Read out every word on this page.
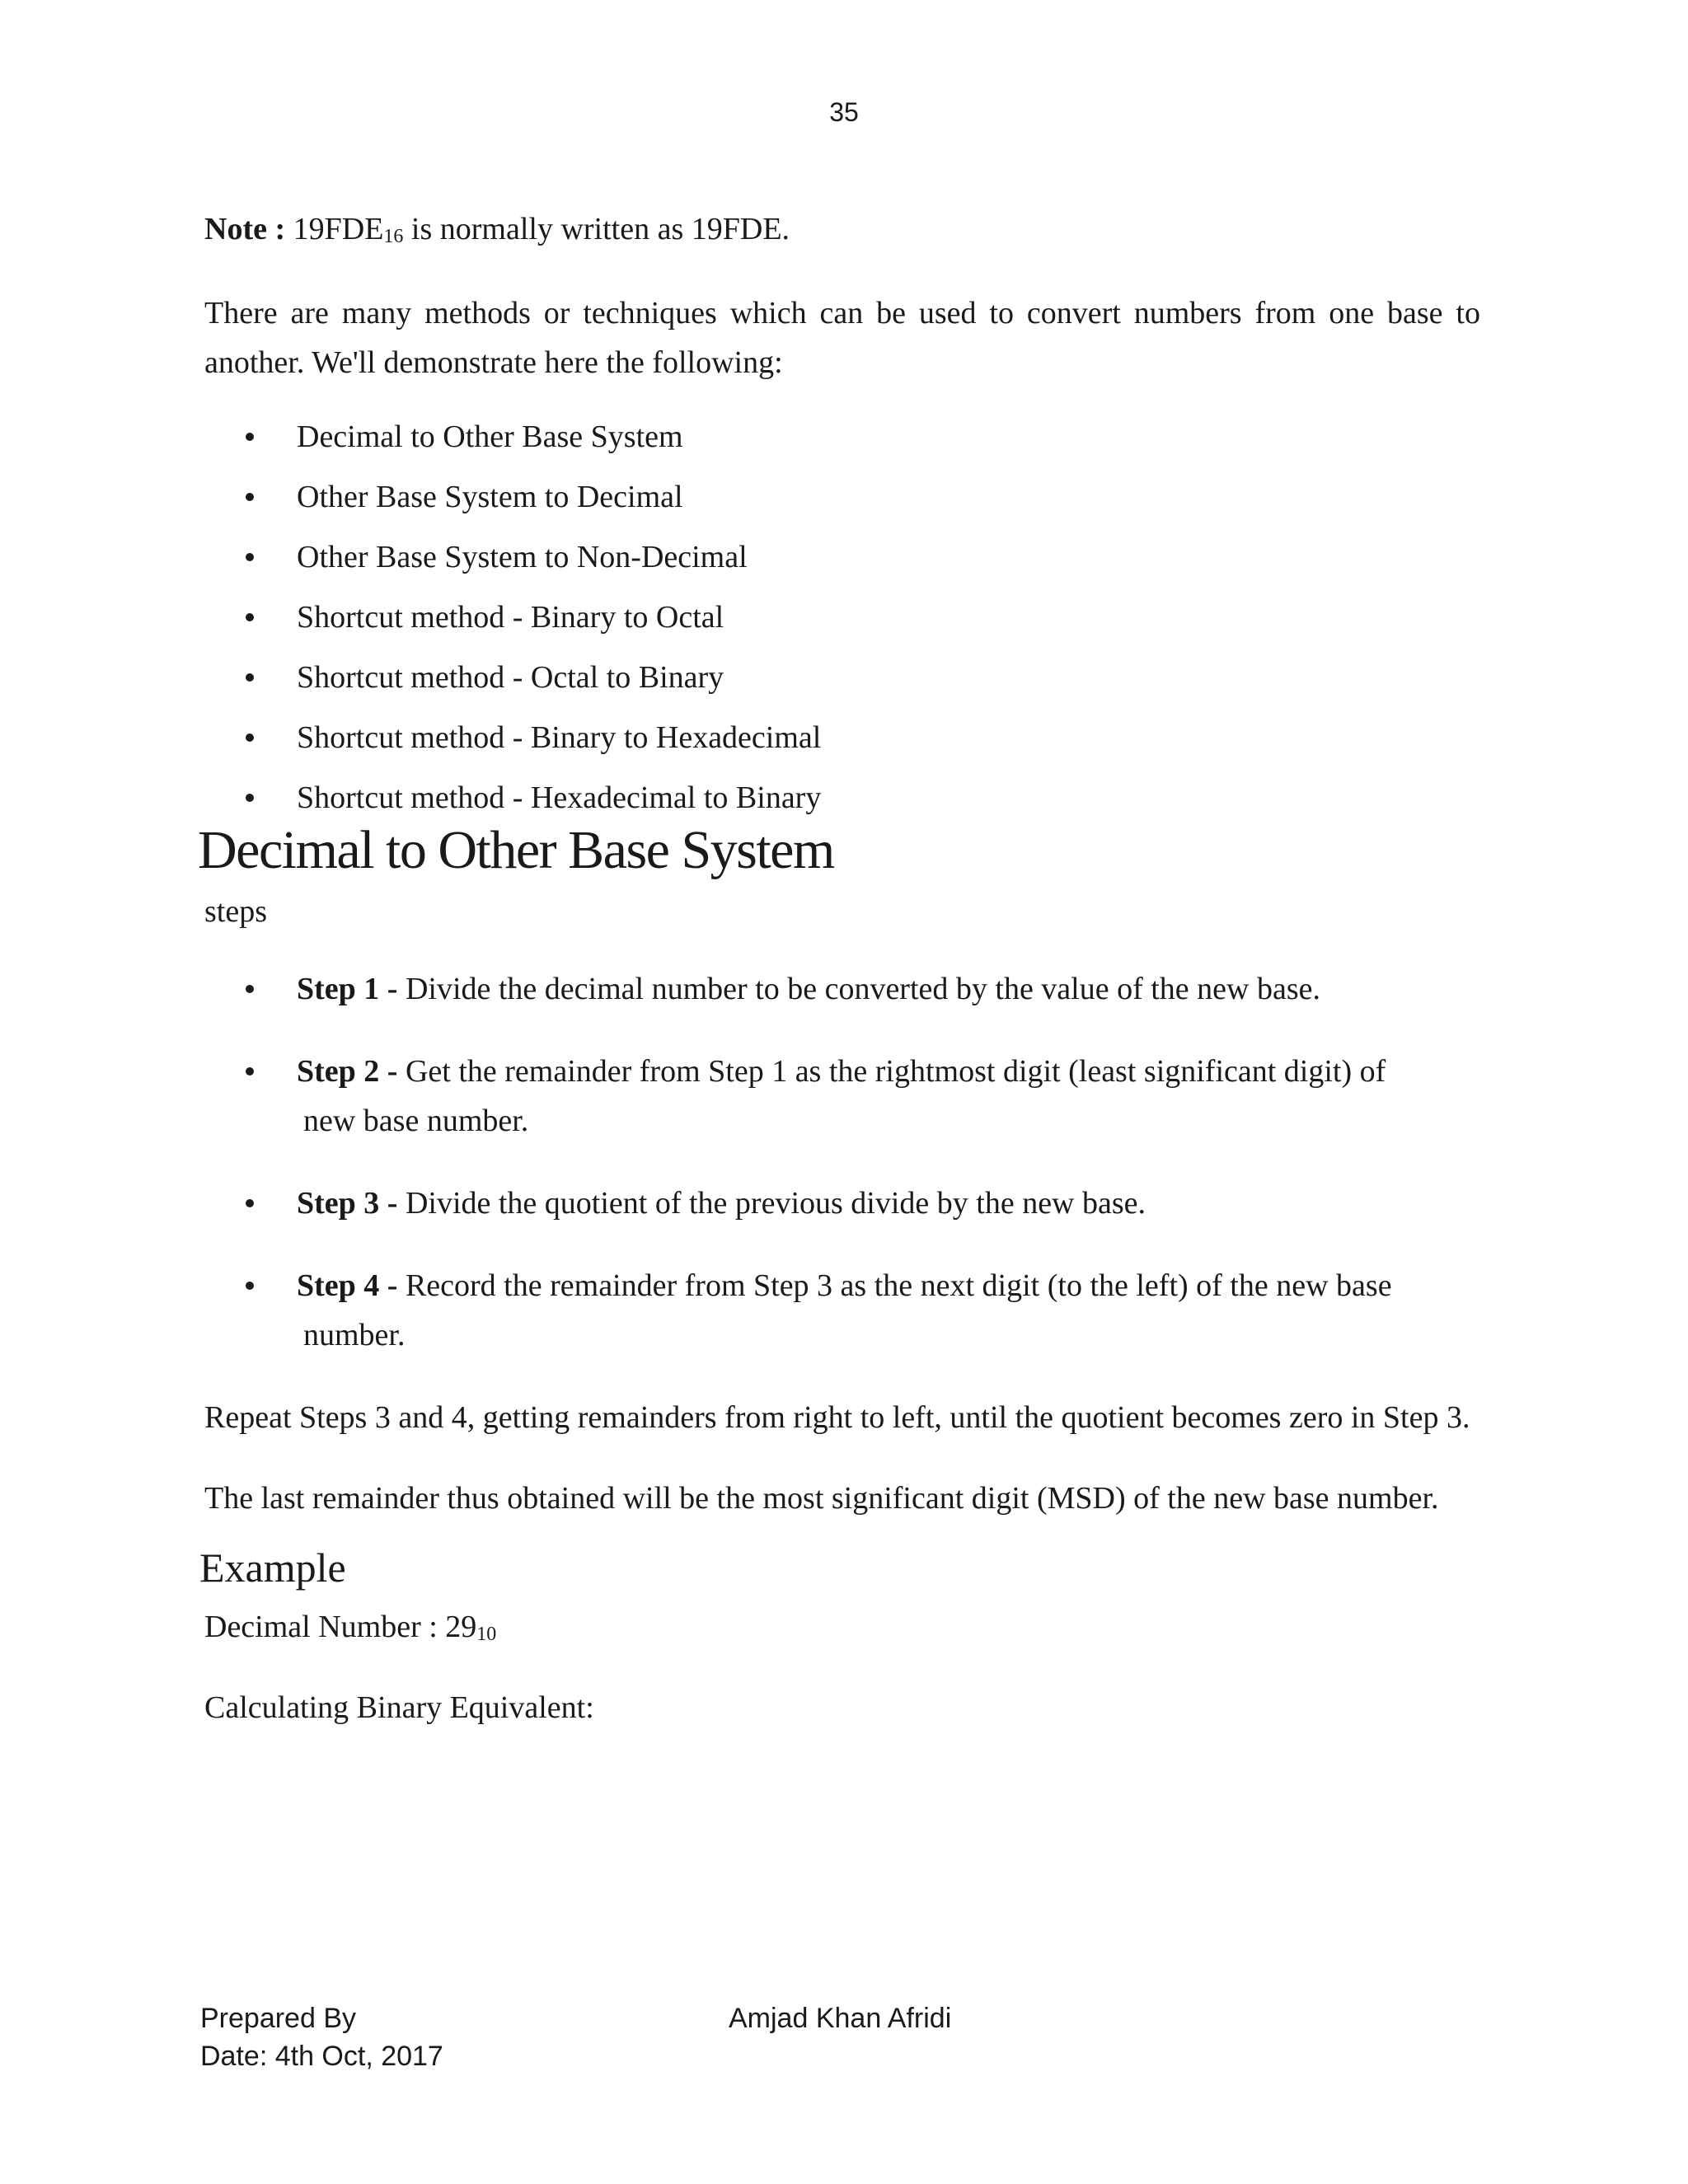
35

Note : $19FDE_{16}$ is normally written as 19FDE.

There are many methods or techniques which can be used to convert numbers from one base to another. We'll demonstrate here the following:

Decimal to Other Base System
Other Base System to Decimal
Other Base System to Non-Decimal
Shortcut method - Binary to Octal
Shortcut method - Octal to Binary
Shortcut method - Binary to Hexadecimal
Shortcut method - Hexadecimal to Binary
Decimal to Other Base System
steps
Step 1 - Divide the decimal number to be converted by the value of the new base.
Step 2 - Get the remainder from Step 1 as the rightmost digit (least significant digit) of
new base number.
Step 3 - Divide the quotient of the previous divide by the new base.
Step 4 - Record the remainder from Step 3 as the next digit (to the left) of the new base
number.

Repeat Steps 3 and 4, getting remainders from right to left, until the quotient becomes zero in Step 3.

The last remainder thus obtained will be the most significant digit (MSD) of the new base number.

Example

Decimal Number : $29_{10}$

Calculating Binary Equivalent:

Prepared By
Date: 4th Oct, 2017
Amjad Khan Afridi
